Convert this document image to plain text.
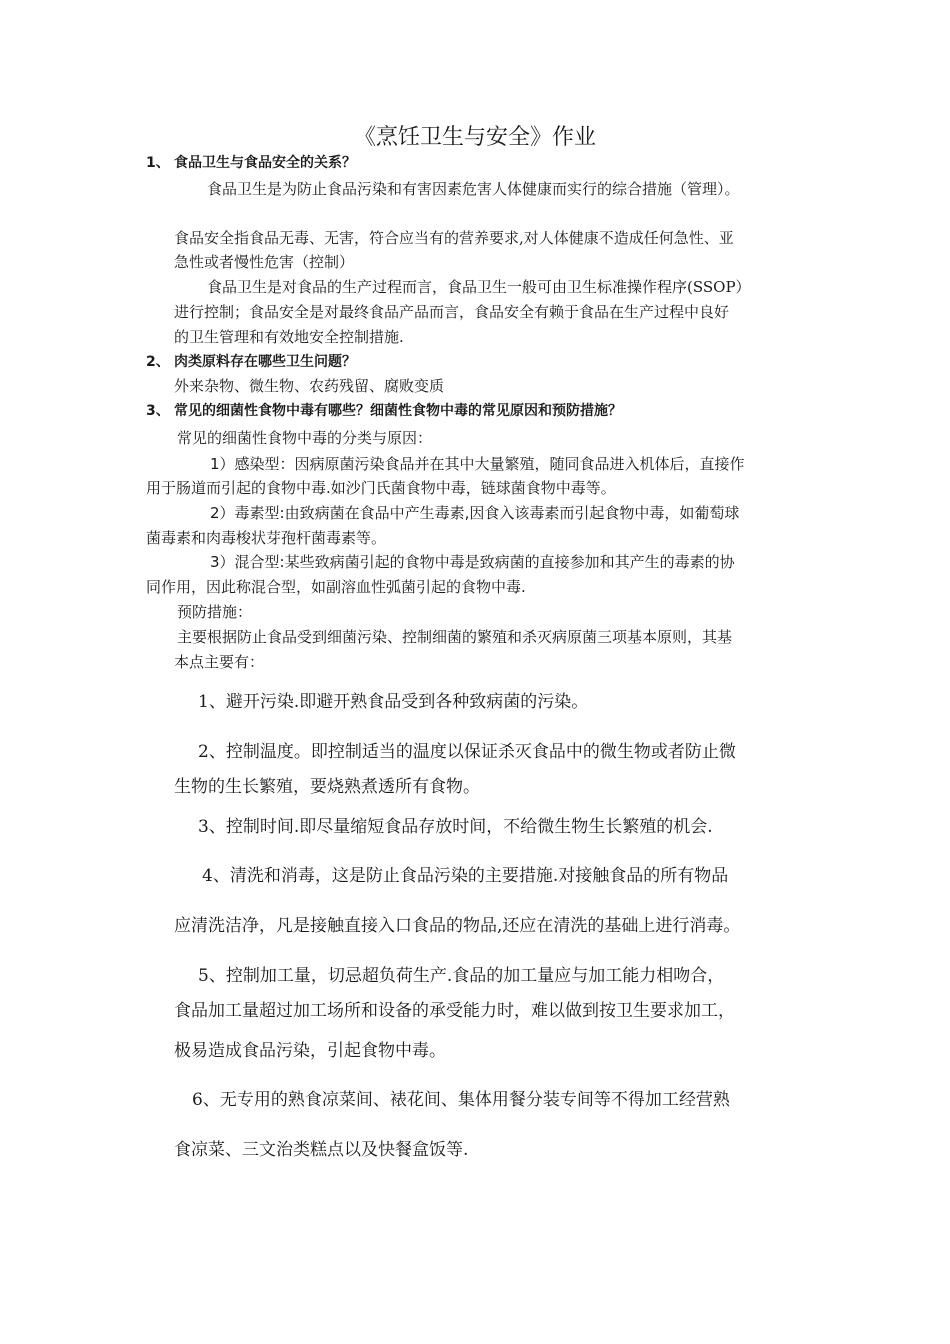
《烹饪卫生与安全》作业
1、 食品卫生与食品安全的关系？
食品卫生是为防止食品污染和有害因素危害人体健康而实行的综合措施（管理）。
食品安全指食品无毒、无害，符合应当有的营养要求,对人体健康不造成任何急性、亚
急性或者慢性危害（控制）
食品卫生是对食品的生产过程而言，食品卫生一般可由卫生标准操作程序(SSOP）
进行控制；食品安全是对最终食品产品而言，食品安全有赖于食品在生产过程中良好
的卫生管理和有效地安全控制措施.
2、 肉类原料存在哪些卫生问题？
外来杂物、微生物、农药残留、腐败变质
3、 常见的细菌性食物中毒有哪些？细菌性食物中毒的常见原因和预防措施？
常见的细菌性食物中毒的分类与原因：
1）感染型：因病原菌污染食品并在其中大量繁殖，随同食品进入机体后，直接作
用于肠道而引起的食物中毒.如沙门氏菌食物中毒，链球菌食物中毒等。
2）毒素型:由致病菌在食品中产生毒素,因食入该毒素而引起食物中毒，如葡萄球
菌毒素和肉毒梭状芽孢杆菌毒素等。
3）混合型:某些致病菌引起的食物中毒是致病菌的直接参加和其产生的毒素的协
同作用，因此称混合型，如副溶血性弧菌引起的食物中毒.
预防措施：
主要根据防止食品受到细菌污染、控制细菌的繁殖和杀灭病原菌三项基本原则，其基
本点主要有：
1、避开污染.即避开熟食品受到各种致病菌的污染。
2、控制温度。即控制适当的温度以保证杀灭食品中的微生物或者防止微
生物的生长繁殖，要烧熟煮透所有食物。
3、控制时间.即尽量缩短食品存放时间，不给微生物生长繁殖的机会.
4、清洗和消毒，这是防止食品污染的主要措施.对接触食品的所有物品
应清洗洁净，凡是接触直接入口食品的物品,还应在清洗的基础上进行消毒。
5、控制加工量，切忌超负荷生产.食品的加工量应与加工能力相吻合，
食品加工量超过加工场所和设备的承受能力时，难以做到按卫生要求加工，
极易造成食品污染，引起食物中毒。
6、无专用的熟食凉菜间、裱花间、集体用餐分装专间等不得加工经营熟
食凉菜、三文治类糕点以及快餐盒饭等.
